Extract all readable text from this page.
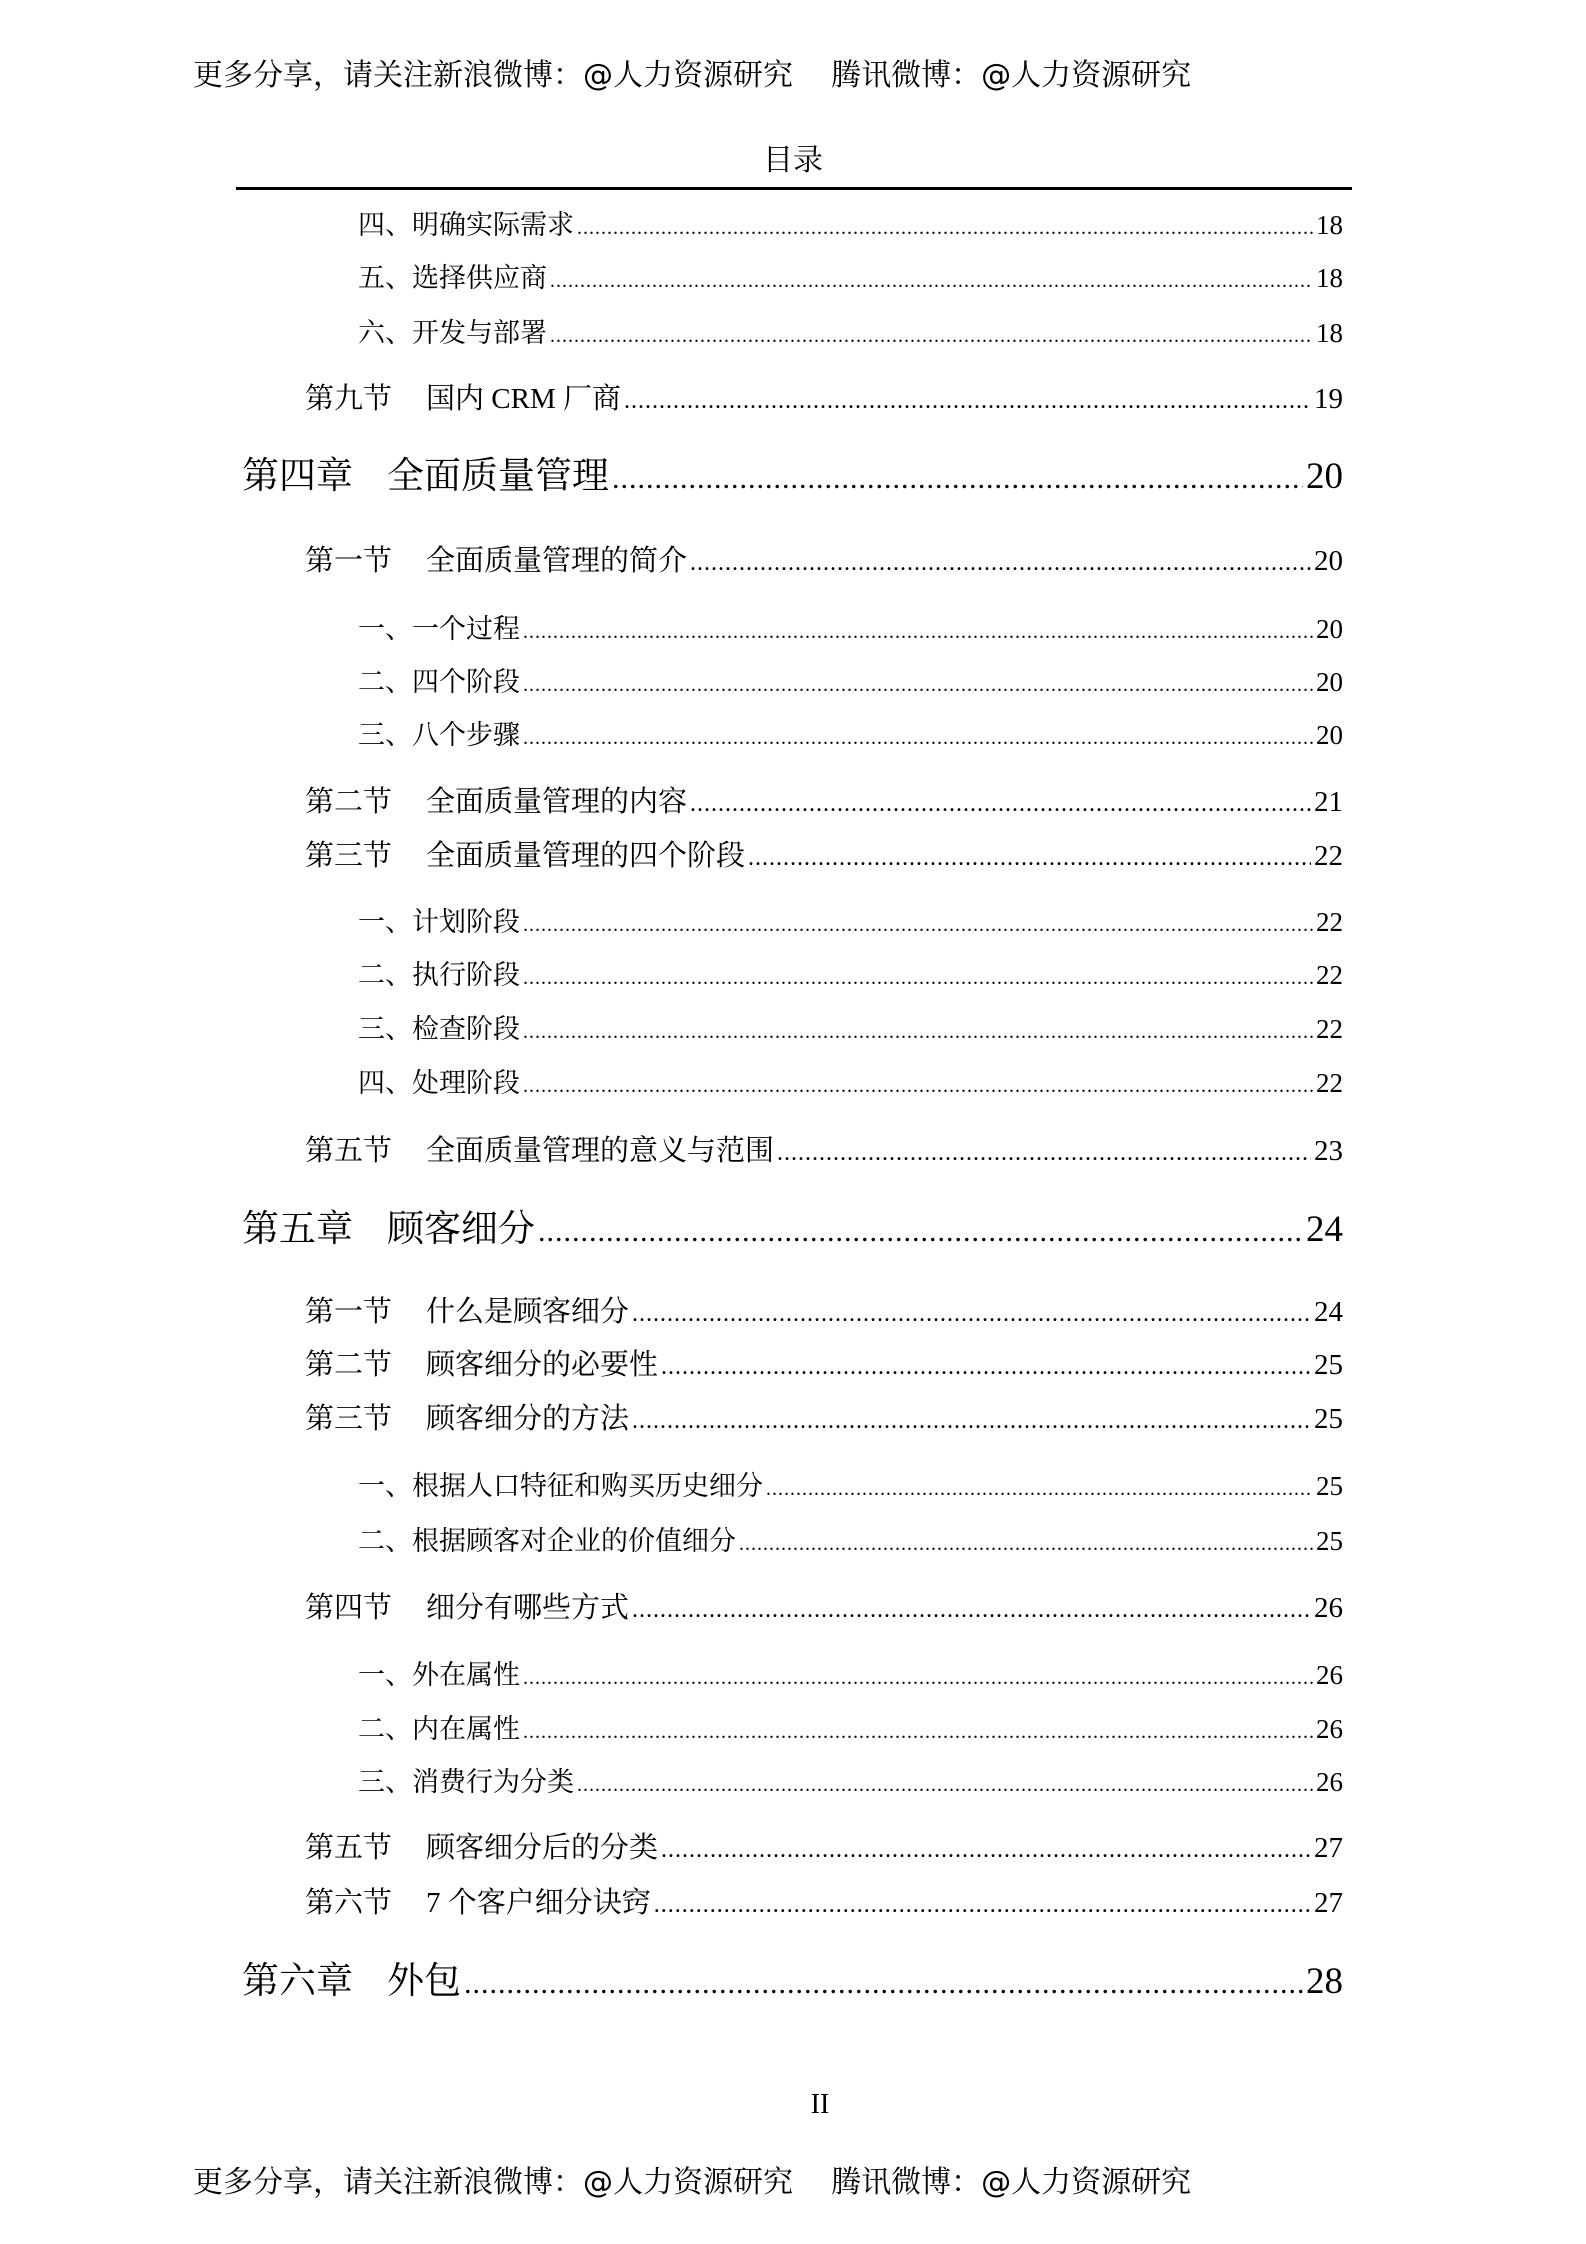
更多分享，请关注新浪微博：@人力资源研究    腾讯微博：@人力资源研究
目录
四、明确实际需求 .....	18
五、选择供应商 .....	18
六、开发与部署 .....	18
第九节 国内 CRM 厂商 .....	19
第四章 全面质量管理 .....	20
第一节 全面质量管理的简介 .....	20
一、一个过程 .....	20
二、四个阶段 .....	20
三、八个步骤 .....	20
第二节 全面质量管理的内容 .....	21
第三节 全面质量管理的四个阶段 .....	22
一、计划阶段 .....	22
二、执行阶段 .....	22
三、检查阶段 .....	22
四、处理阶段 .....	22
第五节 全面质量管理的意义与范围 .....	23
第五章 顾客细分 .....	24
第一节 什么是顾客细分 .....	24
第二节 顾客细分的必要性 .....	25
第三节 顾客细分的方法 .....	25
一、根据人口特征和购买历史细分 .....	25
二、根据顾客对企业的价值细分 .....	25
第四节 细分有哪些方式 .....	26
一、外在属性 .....	26
二、内在属性 .....	26
三、消费行为分类 .....	26
第五节 顾客细分后的分类 .....	27
第六节 7 个客户细分诀窍 .....	27
第六章 外包 .....	28
II
更多分享，请关注新浪微博：@人力资源研究    腾讯微博：@人力资源研究
